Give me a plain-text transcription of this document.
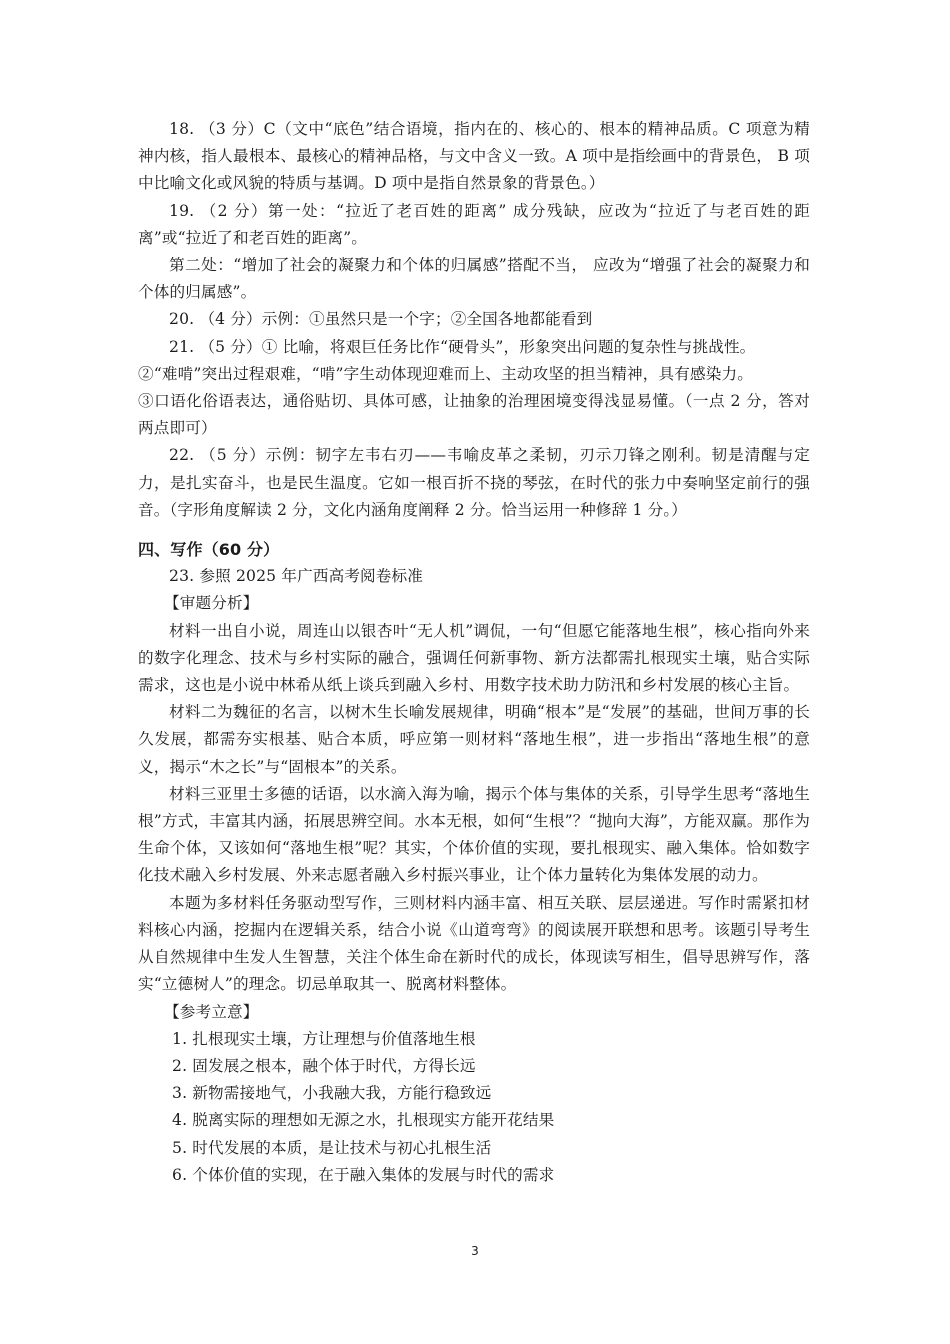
18. （3 分）C（文中“底色”结合语境，指内在的、核心的、根本的精神品质。C 项意为精神内核，指人最根本、最核心的精神品格，与文中含义一致。A 项中是指绘画中的背景色， B 项中比喻文化或风貌的特质与基调。D 项中是指自然景象的背景色。）

19. （2 分）第一处：“拉近了老百姓的距离” 成分残缺，应改为“拉近了与老百姓的距离”或“拉近了和老百姓的距离”。

第二处：“增加了社会的凝聚力和个体的归属感”搭配不当， 应改为“增强了社会的凝聚力和个体的归属感”。

20. （4 分）示例：①虽然只是一个字；②全国各地都能看到

21. （5 分）① 比喻，将艰巨任务比作“硬骨头”，形象突出问题的复杂性与挑战性。

②“难啃”突出过程艰难，“啃”字生动体现迎难而上、主动攻坚的担当精神，具有感染力。

③口语化俗语表达，通俗贴切、具体可感，让抽象的治理困境变得浅显易懂。（一点 2 分，答对两点即可）

22. （5 分）示例：韧字左韦右刃——韦喻皮革之柔韧，刃示刀锋之刚利。韧是清醒与定力，是扎实奋斗，也是民生温度。它如一根百折不挠的琴弦，在时代的张力中奏响坚定前行的强音。（字形角度解读 2 分，文化内涵角度阐释 2 分。恰当运用一种修辞 1 分。）

四、写作（60 分）

23. 参照 2025 年广西高考阅卷标准

【审题分析】

材料一出自小说，周连山以银杏叶“无人机”调侃，一句“但愿它能落地生根”，核心指向外来的数字化理念、技术与乡村实际的融合，强调任何新事物、新方法都需扎根现实土壤，贴合实际需求，这也是小说中林希从纸上谈兵到融入乡村、用数字技术助力防汛和乡村发展的核心主旨。

材料二为魏征的名言，以树木生长喻发展规律，明确“根本”是“发展”的基础，世间万事的长久发展，都需夯实根基、贴合本质，呼应第一则材料“落地生根”，进一步指出“落地生根”的意义，揭示“木之长”与“固根本”的关系。

材料三亚里士多德的话语，以水滴入海为喻，揭示个体与集体的关系，引导学生思考“落地生根”方式，丰富其内涵，拓展思辨空间。水本无根，如何“生根”？“抛向大海”，方能双赢。那作为生命个体，又该如何“落地生根”呢？其实，个体价值的实现，要扎根现实、融入集体。恰如数字化技术融入乡村发展、外来志愿者融入乡村振兴事业，让个体力量转化为集体发展的动力。

本题为多材料任务驱动型写作，三则材料内涵丰富、相互关联、层层递进。写作时需紧扣材料核心内涵，挖掘内在逻辑关系，结合小说《山道弯弯》的阅读展开联想和思考。该题引导考生从自然规律中生发人生智慧，关注个体生命在新时代的成长，体现读写相生，倡导思辨写作，落实“立德树人”的理念。切忌单取其一、脱离材料整体。

【参考立意】

1. 扎根现实土壤，方让理想与价值落地生根

2. 固发展之根本，融个体于时代，方得长远

3. 新物需接地气，小我融大我，方能行稳致远

4. 脱离实际的理想如无源之水，扎根现实方能开花结果

5. 时代发展的本质，是让技术与初心扎根生活

6. 个体价值的实现，在于融入集体的发展与时代的需求

3
